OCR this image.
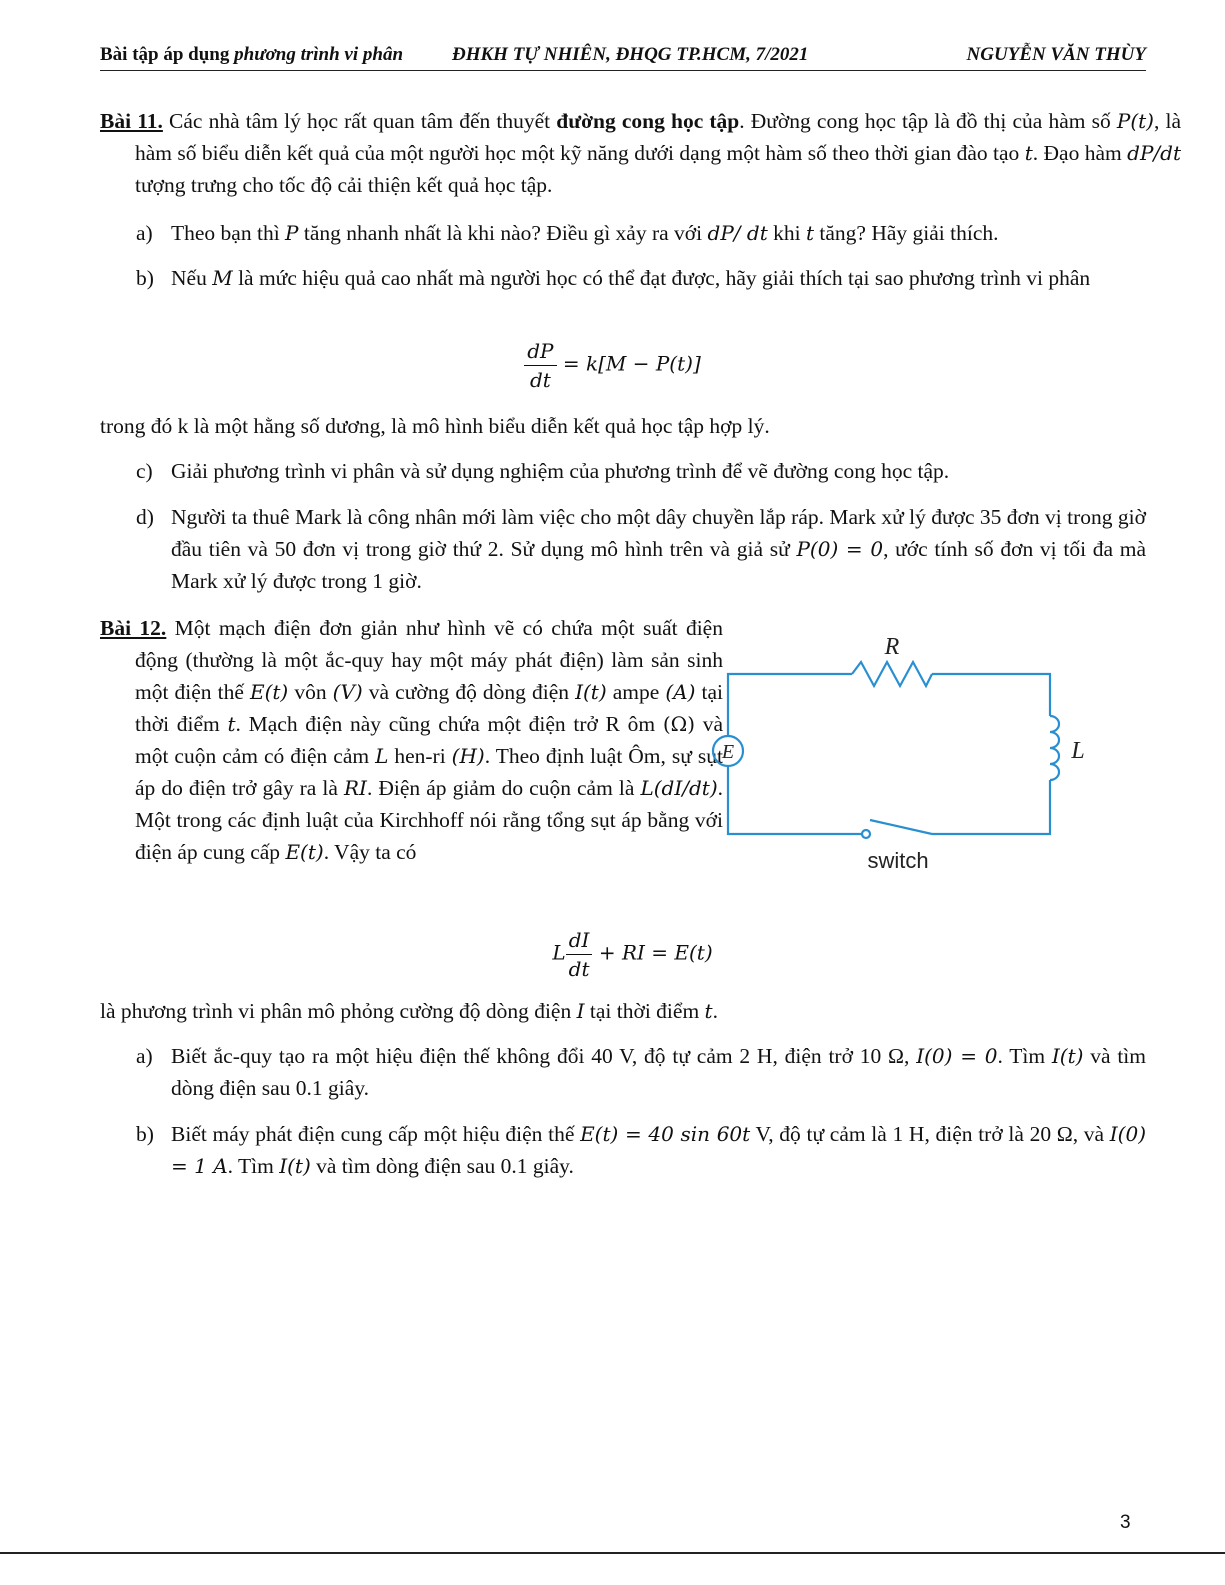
Bài tập áp dụng phương trình vi phân	ĐHKH TỰ NHIÊN, ĐHQG TP.HCM, 7/2021	NGUYỄN VĂN THÙY
Bài 11. Các nhà tâm lý học rất quan tâm đến thuyết đường cong học tập. Đường cong học tập là đồ thị của hàm số P(t), là hàm số biểu diễn kết quả của một người học một kỹ năng dưới dạng một hàm số theo thời gian đào tạo t. Đạo hàm dP/dt tượng trưng cho tốc độ cải thiện kết quả học tập.
a) Theo bạn thì P tăng nhanh nhất là khi nào? Điều gì xảy ra với dP/ dt khi t tăng? Hãy giải thích.
b) Nếu M là mức hiệu quả cao nhất mà người học có thể đạt được, hãy giải thích tại sao phương trình vi phân
$\frac{dP}{dt} = k[M - P(t)]$
trong đó k là một hằng số dương, là mô hình biểu diễn kết quả học tập hợp lý.
c) Giải phương trình vi phân và sử dụng nghiệm của phương trình để vẽ đường cong học tập.
d) Người ta thuê Mark là công nhân mới làm việc cho một dây chuyền lắp ráp. Mark xử lý được 35 đơn vị trong giờ đầu tiên và 50 đơn vị trong giờ thứ 2. Sử dụng mô hình trên và giả sử P(0) = 0, ước tính số đơn vị tối đa mà Mark xử lý được trong 1 giờ.
Bài 12. Một mạch điện đơn giản như hình vẽ có chứa một suất điện động (thường là một ắc-quy hay một máy phát điện) làm sản sinh một điện thế E(t) vôn (V) và cường độ dòng điện I(t) ampe (A) tại thời điểm t. Mạch điện này cũng chứa một điện trở R ôm (Ω) và một cuộn cảm có điện cảm L hen-ri (H). Theo định luật Ôm, sự sụt áp do điện trở gây ra là RI. Điện áp giảm do cuộn cảm là L(dI/dt). Một trong các định luật của Kirchhoff nói rằng tổng sụt áp bằng với điện áp cung cấp E(t). Vậy ta có
R
L
E
switch
L $\frac{dI}{dt}$ + RI = E(t)
là phương trình vi phân mô phỏng cường độ dòng điện I tại thời điểm t.
a) Biết ắc-quy tạo ra một hiệu điện thế không đổi 40 V, độ tự cảm 2 H, điện trở 10 Ω, I(0) = 0. Tìm I(t) và tìm dòng điện sau 0.1 giây.
b) Biết máy phát điện cung cấp một hiệu điện thế E(t) = 40 sin 60t V, độ tự cảm là 1 H, điện trở là 20 Ω, và I(0) = 1 A. Tìm I(t) và tìm dòng điện sau 0.1 giây.
3
